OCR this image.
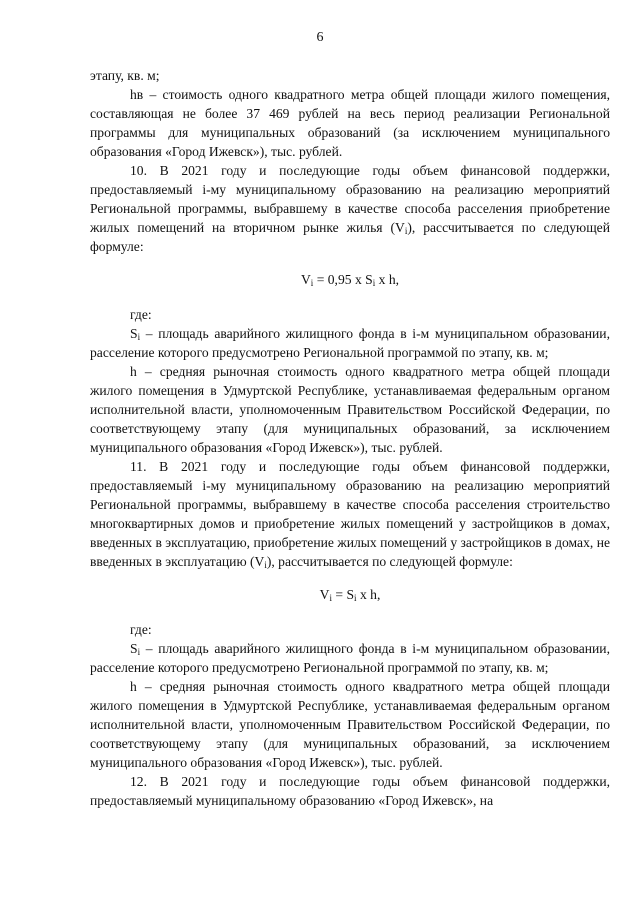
6

этапу, кв. м;

hв – стоимость одного квадратного метра общей площади жилого помещения, составляющая не более 37 469 рублей на весь период реализации Региональной программы для муниципальных образований (за исключением муниципального образования «Город Ижевск»), тыс. рублей.

10. В 2021 году и последующие годы объем финансовой поддержки, предоставляемый i-му муниципальному образованию на реализацию мероприятий Региональной программы, выбравшему в качестве способа расселения приобретение жилых помещений на вторичном рынке жилья $(V_i)$, рассчитывается по следующей формуле:

$V_i = 0,95$ x $S_i$ x h,

где:

$S_i$ – площадь аварийного жилищного фонда в i-м муниципальном образовании, расселение которого предусмотрено Региональной программой по этапу, кв. м;

h – средняя рыночная стоимость одного квадратного метра общей площади жилого помещения в Удмуртской Республике, устанавливаемая федеральным органом исполнительной власти, уполномоченным Правительством Российской Федерации, по соответствующему этапу (для муниципальных образований, за исключением муниципального образования «Город Ижевск»), тыс. рублей.

11. В 2021 году и последующие годы объем финансовой поддержки, предоставляемый i-му муниципальному образованию на реализацию мероприятий Региональной программы, выбравшему в качестве способа расселения строительство многоквартирных домов и приобретение жилых помещений у застройщиков в домах, введенных в эксплуатацию, приобретение жилых помещений у застройщиков в домах, не введенных в эксплуатацию $(V_i)$, рассчитывается по следующей формуле:

$V_i = S_i$ x h,

где:

$S_i$ – площадь аварийного жилищного фонда в i-м муниципальном образовании, расселение которого предусмотрено Региональной программой по этапу, кв. м;

h – средняя рыночная стоимость одного квадратного метра общей площади жилого помещения в Удмуртской Республике, устанавливаемая федеральным органом исполнительной власти, уполномоченным Правительством Российской Федерации, по соответствующему этапу (для муниципальных образований, за исключением муниципального образования «Город Ижевск»), тыс. рублей.

12. В 2021 году и последующие годы объем финансовой поддержки, предоставляемый муниципальному образованию «Город Ижевск», на
